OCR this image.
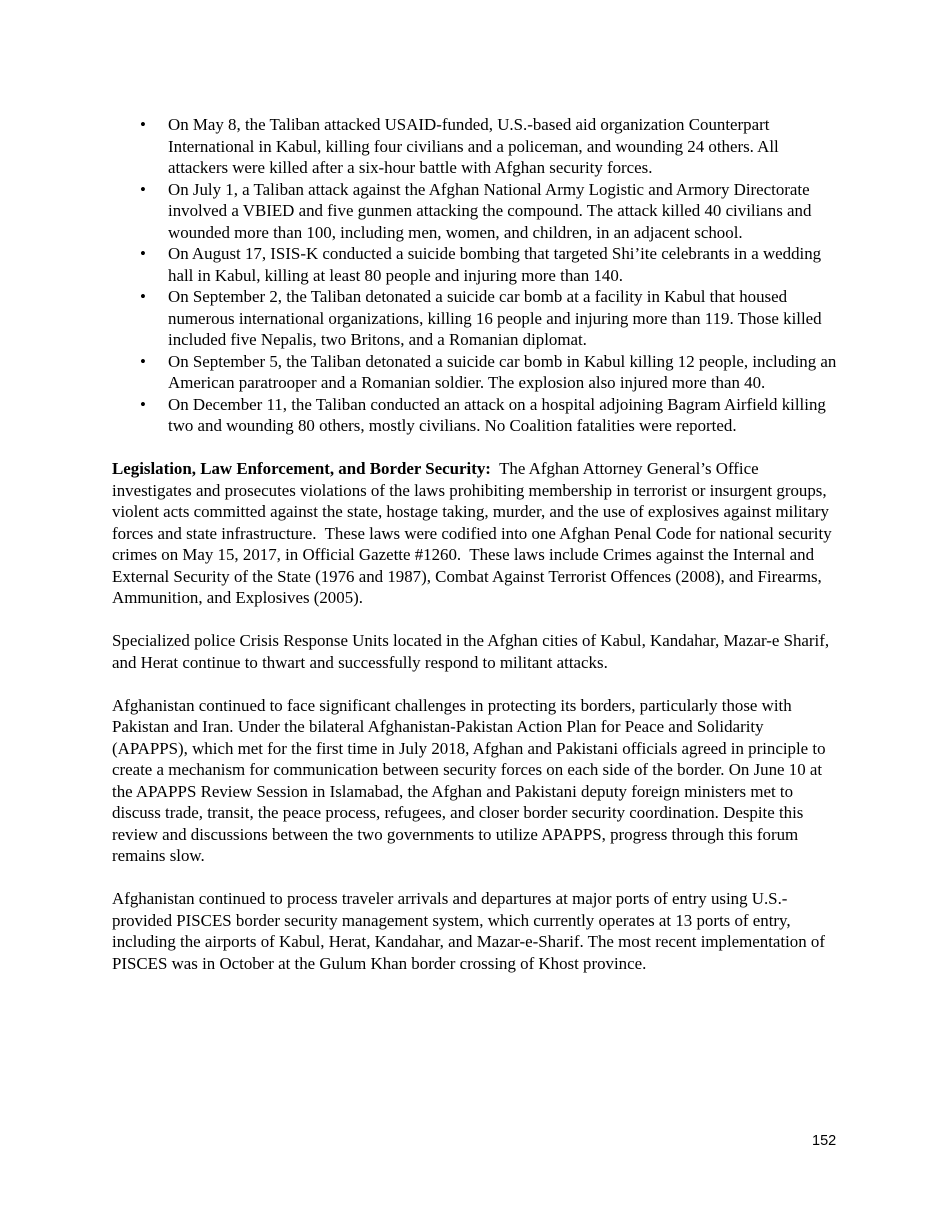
• On May 8, the Taliban attacked USAID-funded, U.S.-based aid organization Counterpart International in Kabul, killing four civilians and a policeman, and wounding 24 others. All attackers were killed after a six-hour battle with Afghan security forces.
• On July 1, a Taliban attack against the Afghan National Army Logistic and Armory Directorate involved a VBIED and five gunmen attacking the compound. The attack killed 40 civilians and wounded more than 100, including men, women, and children, in an adjacent school.
• On August 17, ISIS-K conducted a suicide bombing that targeted Shi’ite celebrants in a wedding hall in Kabul, killing at least 80 people and injuring more than 140.
• On September 2, the Taliban detonated a suicide car bomb at a facility in Kabul that housed numerous international organizations, killing 16 people and injuring more than 119. Those killed included five Nepalis, two Britons, and a Romanian diplomat.
• On September 5, the Taliban detonated a suicide car bomb in Kabul killing 12 people, including an American paratrooper and a Romanian soldier. The explosion also injured more than 40.
• On December 11, the Taliban conducted an attack on a hospital adjoining Bagram Airfield killing two and wounding 80 others, mostly civilians. No Coalition fatalities were reported.

Legislation, Law Enforcement, and Border Security:  The Afghan Attorney General’s Office investigates and prosecutes violations of the laws prohibiting membership in terrorist or insurgent groups, violent acts committed against the state, hostage taking, murder, and the use of explosives against military forces and state infrastructure.  These laws were codified into one Afghan Penal Code for national security crimes on May 15, 2017, in Official Gazette #1260.  These laws include Crimes against the Internal and External Security of the State (1976 and 1987), Combat Against Terrorist Offences (2008), and Firearms, Ammunition, and Explosives (2005).

Specialized police Crisis Response Units located in the Afghan cities of Kabul, Kandahar, Mazar-e Sharif, and Herat continue to thwart and successfully respond to militant attacks.

Afghanistan continued to face significant challenges in protecting its borders, particularly those with Pakistan and Iran. Under the bilateral Afghanistan-Pakistan Action Plan for Peace and Solidarity (APAPPS), which met for the first time in July 2018, Afghan and Pakistani officials agreed in principle to create a mechanism for communication between security forces on each side of the border. On June 10 at the APAPPS Review Session in Islamabad, the Afghan and Pakistani deputy foreign ministers met to discuss trade, transit, the peace process, refugees, and closer border security coordination. Despite this review and discussions between the two governments to utilize APAPPS, progress through this forum remains slow.

Afghanistan continued to process traveler arrivals and departures at major ports of entry using U.S.-provided PISCES border security management system, which currently operates at 13 ports of entry, including the airports of Kabul, Herat, Kandahar, and Mazar-e-Sharif. The most recent implementation of PISCES was in October at the Gulum Khan border crossing of Khost province.

152
